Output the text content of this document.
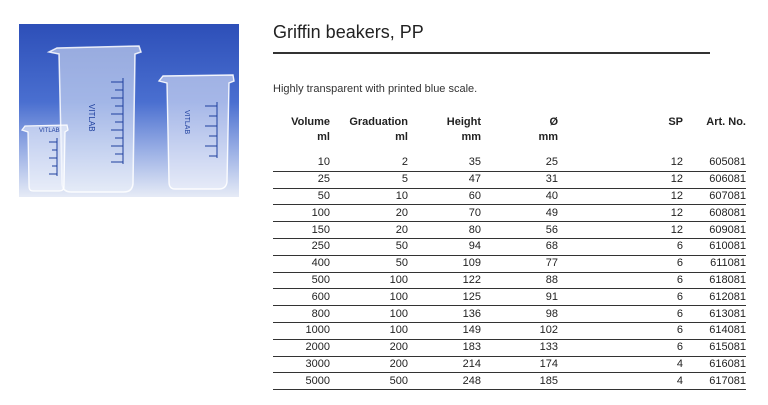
VITLAB
VITLAB	VITLAB
Griffin beakers, PP
Highly transparent with printed blue scale.
Volume	Graduation	Height	Ø	SP	Art. No.
ml	ml	mm	mm		
10	2	35	25	12	605081
25	5	47	31	12	606081
50	10	60	40	12	607081
100	20	70	49	12	608081
150	20	80	56	12	609081
250	50	94	68	6	610081
400	50	109	77	6	611081
500	100	122	88	6	618081
600	100	125	91	6	612081
800	100	136	98	6	613081
1000	100	149	102	6	614081
2000	200	183	133	6	615081
3000	200	214	174	4	616081
5000	500	248	185	4	617081
